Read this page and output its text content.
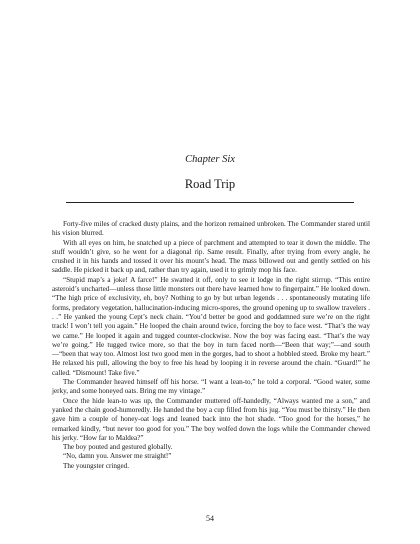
Chapter Six
Road Trip

Forty-five miles of cracked dusty plains, and the horizon remained unbroken. The Commander stared until his vision blurred.

With all eyes on him, he snatched up a piece of parchment and attempted to tear it down the middle. The stuff wouldn’t give, so he went for a diagonal rip. Same result. Finally, after trying from every angle, he crushed it in his hands and tossed it over his mount’s head. The mass billowed out and gently settled on his saddle. He picked it back up and, rather than try again, used it to grimly mop his face.

“Stupid map’s a joke! A farce!” He swatted it off, only to see it lodge in the right stirrup. “This entire asteroid’s uncharted—unless those little monsters out there have learned how to fingerpaint.” He looked down. “The high price of exclusivity, eh, boy? Nothing to go by but urban legends . . . spontaneously mutating life forms, predatory vegetation, hallucination-inducing micro-spores, the ground opening up to swallow travelers . . .” He yanked the young Cept’s neck chain. “You’d better be good and goddamned sure we’re on the right track! I won’t tell you again.” He looped the chain around twice, forcing the boy to face west. “That’s the way we came.” He looped it again and tugged counter-clockwise. Now the boy was facing east. “That’s the way we’re going.” He tugged twice more, so that the boy in turn faced north—“Been that way;”—and south—“been that way too. Almost lost two good men in the gorges, had to shoot a hobbled steed. Broke my heart.” He relaxed his pull, allowing the boy to free his head by looping it in reverse around the chain. “Guard!” he called. “Dismount! Take five.”

The Commander heaved himself off his horse. “I want a lean-to,” he told a corporal. “Good water, some jerky, and some honeyed oats. Bring me my vintage.”

Once the hide lean-to was up, the Commander muttered off-handedly, “Always wanted me a son,” and yanked the chain good-humoredly. He handed the boy a cup filled from his jug. “You must be thirsty.” He then gave him a couple of honey-oat logs and leaned back into the hot shade. “Too good for the horses,” he remarked kindly, “but never too good for you.” The boy wolfed down the logs while the Commander chewed his jerky. “How far to Maldea?”

The boy pouted and gestured globally.

“No, damn you. Answer me straight!”

The youngster cringed.

54
